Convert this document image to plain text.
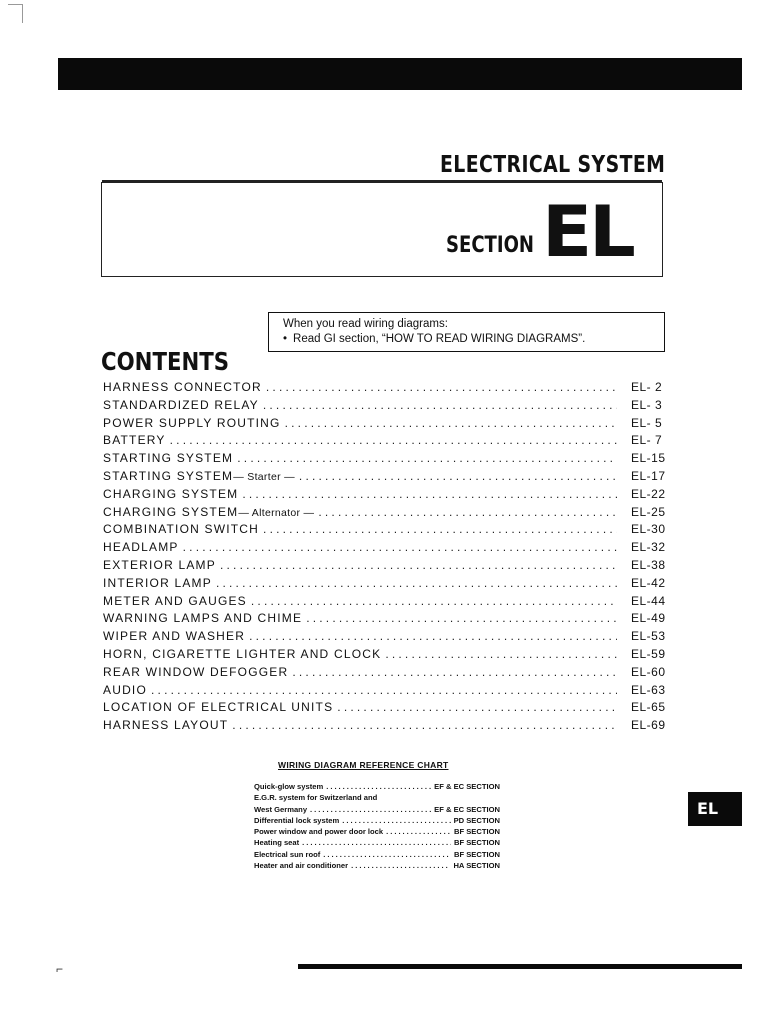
ELECTRICAL SYSTEM
SECTION EL
When you read wiring diagrams:
• Read GI section, “HOW TO READ WIRING DIAGRAMS”.
CONTENTS
HARNESS CONNECTOR .....	EL- 2
STANDARDIZED RELAY .....	EL- 3
POWER SUPPLY ROUTING .....	EL- 5
BATTERY .....	EL- 7
STARTING SYSTEM .....	EL-15
STARTING SYSTEM — Starter — .....	EL-17
CHARGING SYSTEM .....	EL-22
CHARGING SYSTEM — Alternator — .....	EL-25
COMBINATION SWITCH .....	EL-30
HEADLAMP .....	EL-32
EXTERIOR LAMP .....	EL-38
INTERIOR LAMP .....	EL-42
METER AND GAUGES .....	EL-44
WARNING LAMPS AND CHIME .....	EL-49
WIPER AND WASHER .....	EL-53
HORN, CIGARETTE LIGHTER AND CLOCK .....	EL-59
REAR WINDOW DEFOGGER .....	EL-60
AUDIO .....	EL-63
LOCATION OF ELECTRICAL UNITS .....	EL-65
HARNESS LAYOUT .....	EL-69
WIRING DIAGRAM REFERENCE CHART
Quick-glow system .....	EF & EC SECTION
E.G.R. system for Switzerland and
West Germany .....	EF & EC SECTION
Differential lock system .....	PD SECTION
Power window and power door lock .....	BF SECTION
Heating seat .....	BF SECTION
Electrical sun roof .....	BF SECTION
Heater and air conditioner .....	HA SECTION
EL
⌐
